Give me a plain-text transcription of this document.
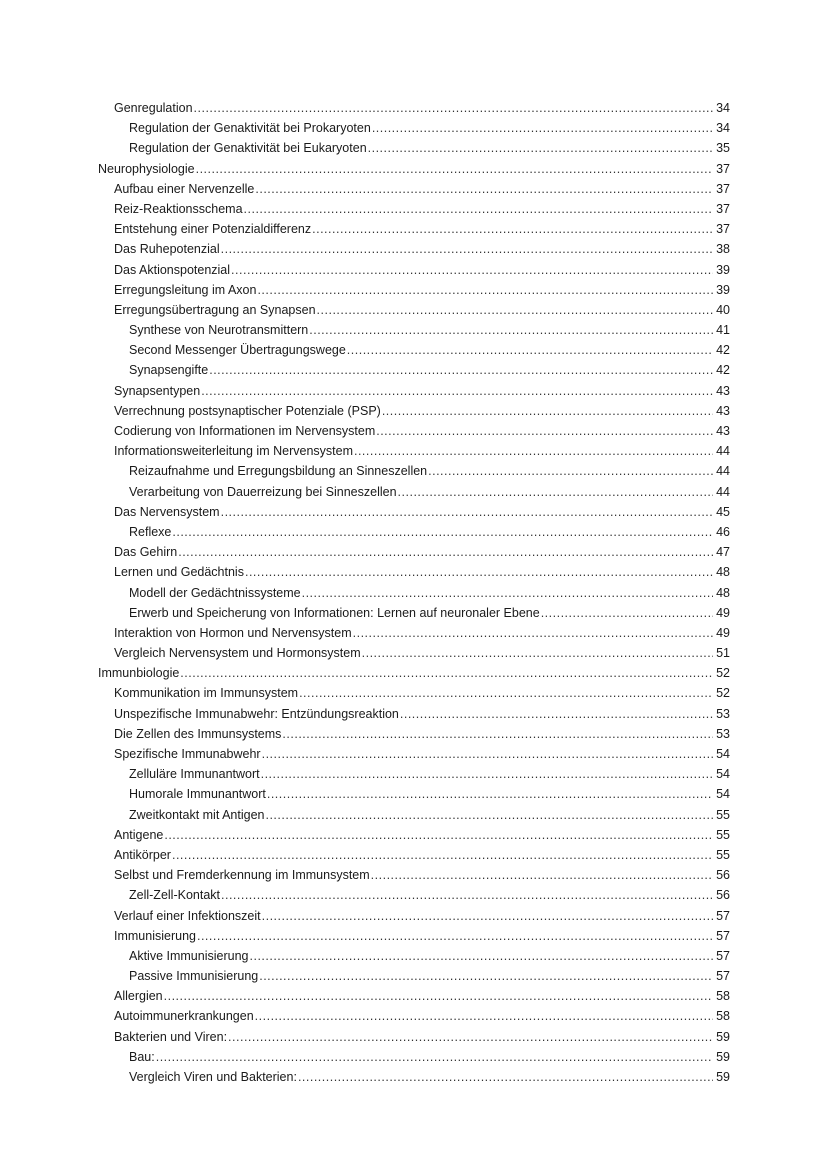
Genregulation .....	34
Regulation der Genaktivität bei Prokaryoten .....	34
Regulation der Genaktivität bei Eukaryoten .....	35
Neurophysiologie .....	37
Aufbau einer Nervenzelle .....	37
Reiz-Reaktionsschema .....	37
Entstehung einer Potenzialdifferenz .....	37
Das Ruhepotenzial .....	38
Das Aktionspotenzial .....	39
Erregungsleitung im Axon .....	39
Erregungsübertragung an Synapsen .....	40
Synthese von Neurotransmittern .....	41
Second Messenger Übertragungswege .....	42
Synapsengifte .....	42
Synapsentypen .....	43
Verrechnung postsynaptischer Potenziale (PSP) .....	43
Codierung von Informationen im Nervensystem .....	43
Informationsweiterleitung im Nervensystem .....	44
Reizaufnahme und Erregungsbildung an Sinneszellen .....	44
Verarbeitung von Dauerreizung bei Sinneszellen .....	44
Das Nervensystem .....	45
Reflexe .....	46
Das Gehirn .....	47
Lernen und Gedächtnis .....	48
Modell der Gedächtnissysteme .....	48
Erwerb und Speicherung von Informationen: Lernen auf neuronaler Ebene .....	49
Interaktion von Hormon und Nervensystem .....	49
Vergleich Nervensystem und Hormonsystem .....	51
Immunbiologie .....	52
Kommunikation im Immunsystem .....	52
Unspezifische Immunabwehr: Entzündungsreaktion .....	53
Die Zellen des Immunsystems .....	53
Spezifische Immunabwehr .....	54
Zelluläre Immunantwort .....	54
Humorale Immunantwort .....	54
Zweitkontakt mit Antigen .....	55
Antigene .....	55
Antikörper .....	55
Selbst und Fremderkennung im Immunsystem .....	56
Zell-Zell-Kontakt .....	56
Verlauf einer Infektionszeit .....	57
Immunisierung .....	57
Aktive Immunisierung .....	57
Passive Immunisierung .....	57
Allergien .....	58
Autoimmunerkrankungen .....	58
Bakterien und Viren: .....	59
Bau: .....	59
Vergleich Viren und Bakterien: .....	59
